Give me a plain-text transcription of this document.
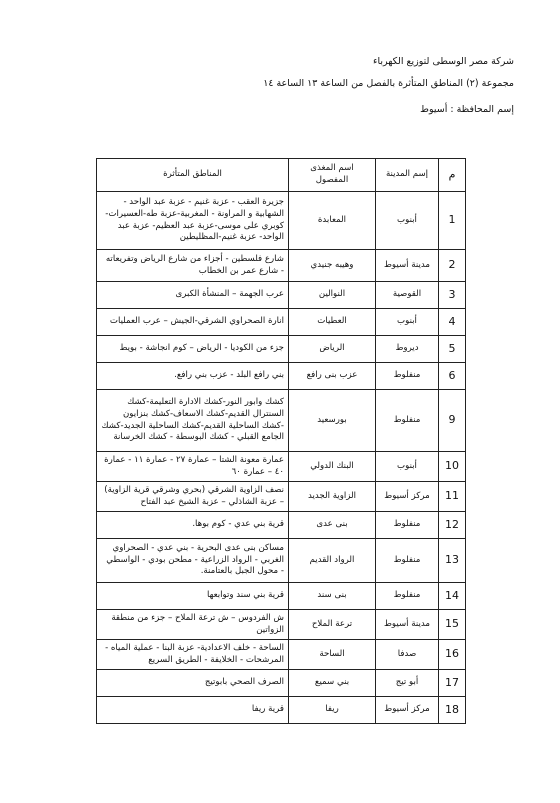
شركة مصر الوسطى لتوزيع الكهرباء
مجموعة (٢) المناطق المتأثرة بالفصل من الساعة ١٣ الساعة ١٤
إسم المحافظة : أسيوط
م	إسم المدينة	اسم المغذى المفصول	المناطق المتأثرة
1	أبنوب	المعابدة	جزيرة العقب - عزبة غنيم - عزبة عبد الواحد - الشهابية و المراونة - المغربية-عزبة طه-العسيرات- كوبري على موسى-عزبة عبد العظيم- عزبة عبد الواحد- عزبة غنيم-المظليطين
2	مدينة أسيوط	وهيبه جنيدي	شارع فلسطين - أجزاء من شارع الرياض وتفريعاته - شارع عمر بن الخطاب
3	القوصية	النوالين	عرب الجهمة – المنشأة الكبرى
4	أبنوب	العطيات	انارة الصحراوي الشرقي-الجيش – عرب العمليات
5	ديروط	الرياض	جزء من الكوديا - الرياض – كوم انجاشة - بويط
6	منفلوط	عزب بنى رافع	بني رافع البلد - عزب بني رافع.
9	منفلوط	بورسعيد	كشك وابور النور-كشك الادارة التعليمة-كشك السنترال القديم-كشك الاسعاف-كشك بنزايون -كشك الساحلية القديم-كشك الساحلية الجديد-كشك الجامع القبلي - كشك البوسطة - كشك الخرسانة
10	أبنوب	البنك الدولي	عمارة معونة الشتا – عمارة ٢٧ - عمارة ١١ - عمارة ٤٠ – عمارة ٦٠
11	مركز أسيوط	الزاوية الجديد	نصف الزاوية الشرقي (بحري وشرقي قرية الزاوية) – عزبة الشاذلي – عزبة الشيخ عبد الفتاح
12	منفلوط	بنى عدى	قرية بني عدي - كوم بوها.
13	منفلوط	الرواد القديم	مساكن بنى عدى البحرية - بني عدي - الصحراوي الغربي - الرواد الزراعية - مطحن بودي - الواسطي - محول الجبل بالعتامنة.
14	منفلوط	بنى سند	قرية بني سند وتوابعها
15	مدينة أسيوط	ترعة الملاح	ش الفردوس – ش ترعة الملاح – جزء من منطقة الزواتين
16	صدفا	الساحة	الساحة - خلف الاعدادية- عزبة البنا - عملية المياه - المرشحات - الخلايفة - الطريق السريع
17	أبو تيج	بني سميع	الصرف الصحي بابوتيج
18	مركز أسيوط	ريفا	قرية ريفا
